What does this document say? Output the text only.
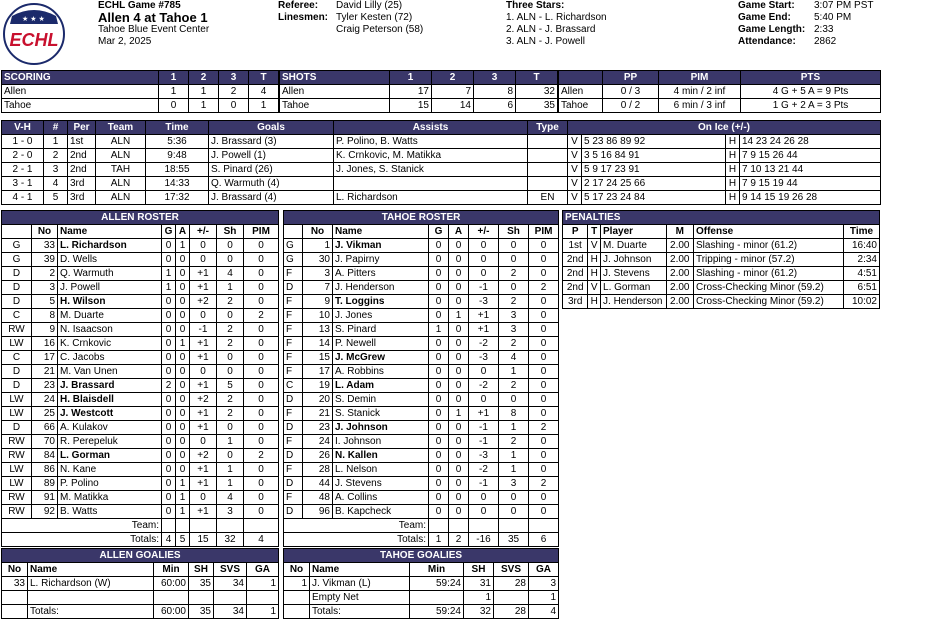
★ ★ ★
ECHL
ECHL Game #785
Allen 4 at Tahoe 1
Tahoe Blue Event Center
Mar 2, 2025
Referee: David Lilly (25)
Linesmen: Tyler Kesten (72)
Craig Peterson (58)
Three Stars:
1. ALN - L. Richardson
2. ALN - J. Brassard
3. ALN - J. Powell
Game Start: 3:07 PM PST
Game End: 5:40 PM
Game Length: 2:33
Attendance: 2862
SCORING	1	2	3	T
Allen	1	1	2	4
Tahoe	0	1	0	1
SHOTS	1	2	3	T
Allen	17	7	8	32
Tahoe	15	14	6	35
	PP	PIM	PTS
Allen	0 / 3	4 min / 2 inf	4 G + 5 A = 9 Pts
Tahoe	0 / 2	6 min / 3 inf	1 G + 2 A = 3 Pts
V-H	#	Per	Team	Time	Goals	Assists	Type	On Ice (+/-)			
1 - 0	1	1st	ALN	5:36	J. Brassard (3)	P. Polino, B. Watts		V	5 23 86 89 92	H	14 23 24 26 28
2 - 0	2	2nd	ALN	9:48	J. Powell (1)	K. Crnkovic, M. Matikka		V	3 5 16 84 91	H	7 9 15 26 44
2 - 1	3	2nd	TAH	18:55	S. Pinard (26)	J. Jones, S. Stanick		V	5 9 17 23 91	H	7 10 13 21 44
3 - 1	4	3rd	ALN	14:33	Q. Warmuth (4)			V	2 17 24 25 66	H	7 9 15 19 44
4 - 1	5	3rd	ALN	17:32	J. Brassard (4)	L. Richardson	EN	V	5 17 23 24 84	H	9 14 15 19 26 28
ALLEN ROSTER							
	No	Name	G	A	+/-	Sh	PIM
G	33	L. Richardson	0	1	0	0	0
G	39	D. Wells	0	0	0	0	0
D	2	Q. Warmuth	1	0	+1	4	0
D	3	J. Powell	1	0	+1	1	0
D	5	H. Wilson	0	0	+2	2	0
C	8	M. Duarte	0	0	0	0	2
RW	9	N. Isaacson	0	0	-1	2	0
LW	16	K. Crnkovic	0	1	+1	2	0
C	17	C. Jacobs	0	0	+1	0	0
D	21	M. Van Unen	0	0	0	0	0
D	23	J. Brassard	2	0	+1	5	0
LW	24	H. Blaisdell	0	0	+2	2	0
LW	25	J. Westcott	0	0	+1	2	0
D	66	A. Kulakov	0	0	+1	0	0
RW	70	R. Perepeluk	0	0	0	1	0
RW	84	L. Gorman	0	0	+2	0	2
LW	86	N. Kane	0	0	+1	1	0
LW	89	P. Polino	0	1	+1	1	0
RW	91	M. Matikka	0	1	0	4	0
RW	92	B. Watts	0	1	+1	3	0
Team:							
Totals:			4	5	15	32	4
TAHOE ROSTER							
	No	Name	G	A	+/-	Sh	PIM
G	1	J. Vikman	0	0	0	0	0
G	30	J. Papirny	0	0	0	0	0
F	3	A. Pitters	0	0	0	2	0
D	7	J. Henderson	0	0	-1	0	2
F	9	T. Loggins	0	0	-3	2	0
F	10	J. Jones	0	1	+1	3	0
F	13	S. Pinard	1	0	+1	3	0
F	14	P. Newell	0	0	-2	2	0
F	15	J. McGrew	0	0	-3	4	0
F	17	A. Robbins	0	0	0	1	0
C	19	L. Adam	0	0	-2	2	0
D	20	S. Demin	0	0	0	0	0
F	21	S. Stanick	0	1	+1	8	0
D	23	J. Johnson	0	0	-1	1	2
F	24	I. Johnson	0	0	-1	2	0
D	26	N. Kallen	0	0	-3	1	0
F	28	L. Nelson	0	0	-2	1	0
D	44	J. Stevens	0	0	-1	3	2
F	48	A. Collins	0	0	0	0	0
D	96	B. Kapcheck	0	0	0	0	0
Team:							
Totals:			1	2	-16	35	6
PENALTIES					
P	T	Player	M	Offense	Time
1st	V	M. Duarte	2.00	Slashing - minor (61.2)	16:40
2nd	H	J. Johnson	2.00	Tripping - minor (57.2)	2:34
2nd	H	J. Stevens	2.00	Slashing - minor (61.2)	4:51
2nd	V	L. Gorman	2.00	Cross-Checking Minor (59.2)	6:51
3rd	H	J. Henderson	2.00	Cross-Checking Minor (59.2)	10:02
ALLEN GOALIES					
No	Name	Min	SH	SVS	GA
33	L. Richardson (W)	60:00	35	34	1

	Totals:	60:00	35	34	1
TAHOE GOALIES					
No	Name	Min	SH	SVS	GA
1	J. Vikman (L)	59:24	31	28	3
	Empty Net		1		1
	Totals:	59:24	32	28	4
